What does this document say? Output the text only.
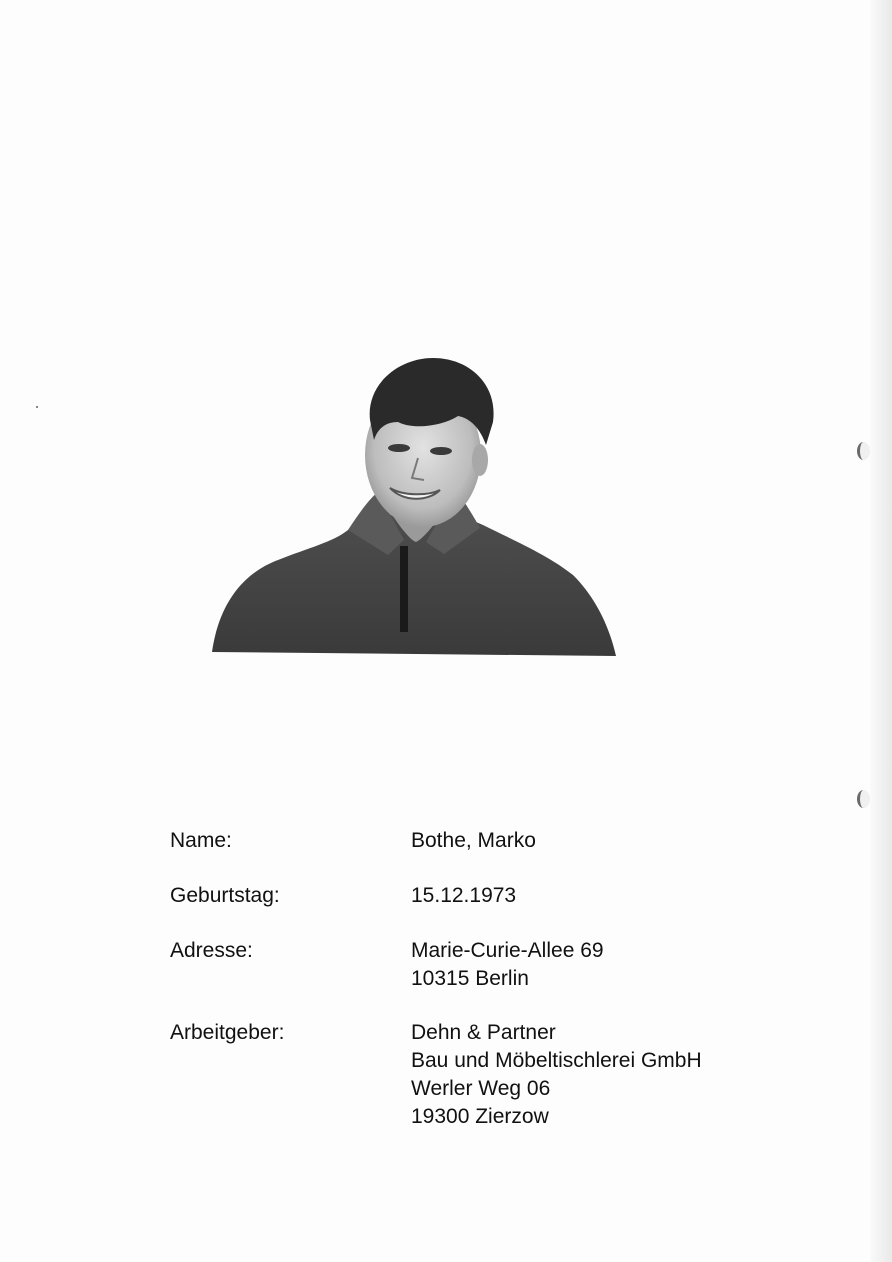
Name:	Bothe, Marko
Geburtstag:	15.12.1973
Adresse:	Marie-Curie-Allee 69
10315 Berlin
Arbeitgeber:	Dehn & Partner
Bau und Möbeltischlerei GmbH
Werler Weg 06
19300 Zierzow
